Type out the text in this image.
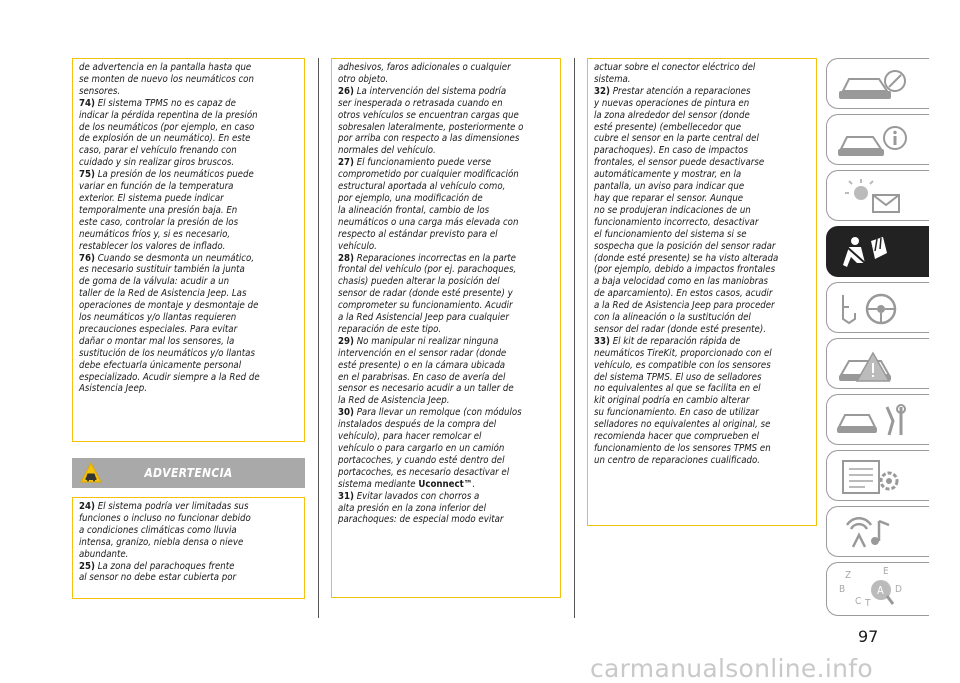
de advertencia en la pantalla hasta que
se monten de nuevo los neumáticos con
sensores.

74) El sistema TPMS no es capaz de
indicar la pérdida repentina de la presión
de los neumáticos (por ejemplo, en caso
de explosión de un neumático). En este
caso, parar el vehículo frenando con
cuidado y sin realizar giros bruscos.

75) La presión de los neumáticos puede
variar en función de la temperatura
exterior. El sistema puede indicar
temporalmente una presión baja. En
este caso, controlar la presión de los
neumáticos fríos y, si es necesario,
restablecer los valores de inflado.

76) Cuando se desmonta un neumático,
es necesario sustituir también la junta
de goma de la válvula: acudir a un
taller de la Red de Asistencia Jeep. Las
operaciones de montaje y desmontaje de
los neumáticos y/o llantas requieren
precauciones especiales. Para evitar
dañar o montar mal los sensores, la
sustitución de los neumáticos y/o llantas
debe efectuarla únicamente personal
especializado. Acudir siempre a la Red de
Asistencia Jeep.

ADVERTENCIA

24) El sistema podría ver limitadas sus
funciones o incluso no funcionar debido
a condiciones climáticas como lluvia
intensa, granizo, niebla densa o nieve
abundante.

25) La zona del parachoques frente
al sensor no debe estar cubierta por

adhesivos, faros adicionales o cualquier
otro objeto.

26) La intervención del sistema podría
ser inesperada o retrasada cuando en
otros vehículos se encuentran cargas que
sobresalen lateralmente, posteriormente o
por arriba con respecto a las dimensiones
normales del vehículo.

27) El funcionamiento puede verse
comprometido por cualquier modificación
estructural aportada al vehículo como,
por ejemplo, una modificación de
la alineación frontal, cambio de los
neumáticos o una carga más elevada con
respecto al estándar previsto para el
vehículo.

28) Reparaciones incorrectas en la parte
frontal del vehículo (por ej. parachoques,
chasis) pueden alterar la posición del
sensor de radar (donde esté presente) y
comprometer su funcionamiento. Acudir
a la Red Asistencial Jeep para cualquier
reparación de este tipo.

29) No manipular ni realizar ninguna
intervención en el sensor radar (donde
esté presente) o en la cámara ubicada
en el parabrisas. En caso de avería del
sensor es necesario acudir a un taller de
la Red de Asistencia Jeep.

30) Para llevar un remolque (con módulos
instalados después de la compra del
vehículo), para hacer remolcar el
vehículo o para cargarlo en un camión
portacoches, y cuando esté dentro del
portacoches, es necesario desactivar el
sistema mediante Uconnect™.

31) Evitar lavados con chorros a
alta presión en la zona inferior del
parachoques: de especial modo evitar

actuar sobre el conector eléctrico del
sistema.

32) Prestar atención a reparaciones
y nuevas operaciones de pintura en
la zona alrededor del sensor (donde
esté presente) (embellecedor que
cubre el sensor en la parte central del
parachoques). En caso de impactos
frontales, el sensor puede desactivarse
automáticamente y mostrar, en la
pantalla, un aviso para indicar que
hay que reparar el sensor. Aunque
no se produjeran indicaciones de un
funcionamiento incorrecto, desactivar
el funcionamiento del sistema si se
sospecha que la posición del sensor radar
(donde esté presente) se ha visto alterada
(por ejemplo, debido a impactos frontales
a baja velocidad como en las maniobras
de aparcamiento). En estos casos, acudir
a la Red de Asistencia Jeep para proceder
con la alineación o la sustitución del
sensor del radar (donde esté presente).

33) El kit de reparación rápida de
neumáticos TireKit, proporcionado con el
vehículo, es compatible con los sensores
del sistema TPMS. El uso de selladores
no equivalentes al que se facilita en el
kit original podría en cambio alterar
su funcionamiento. En caso de utilizar
selladores no equivalentes al original, se
recomienda hacer que comprueben el
funcionamiento de los sensores TPMS en
un centro de reparaciones cualificado.

Z	E
B	A
C T
D
97
carmanualsonline.info
